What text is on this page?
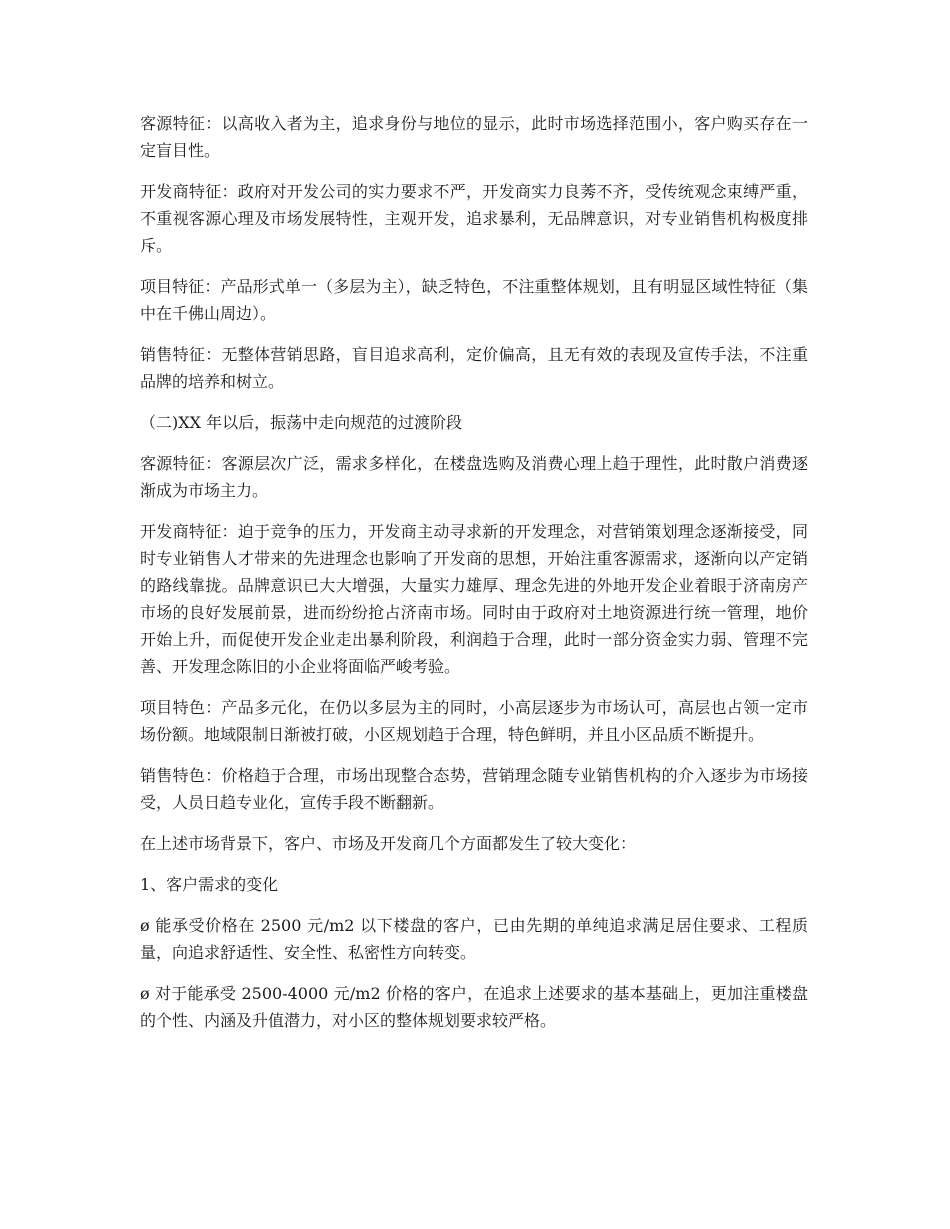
客源特征：以高收入者为主，追求身份与地位的显示，此时市场选择范围小，客户购买存在一定盲目性。

开发商特征：政府对开发公司的实力要求不严，开发商实力良莠不齐，受传统观念束缚严重，不重视客源心理及市场发展特性，主观开发，追求暴利，无品牌意识，对专业销售机构极度排斥。

项目特征：产品形式单一（多层为主），缺乏特色，不注重整体规划，且有明显区域性特征（集中在千佛山周边）。

销售特征：无整体营销思路，盲目追求高利，定价偏高，且无有效的表现及宣传手法，不注重品牌的培养和树立。

（二)XX 年以后，振荡中走向规范的过渡阶段

客源特征：客源层次广泛，需求多样化，在楼盘选购及消费心理上趋于理性，此时散户消费逐渐成为市场主力。

开发商特征：迫于竞争的压力，开发商主动寻求新的开发理念，对营销策划理念逐渐接受，同时专业销售人才带来的先进理念也影响了开发商的思想，开始注重客源需求，逐渐向以产定销的路线靠拢。品牌意识已大大增强，大量实力雄厚、理念先进的外地开发企业着眼于济南房产市场的良好发展前景，进而纷纷抢占济南市场。同时由于政府对土地资源进行统一管理，地价开始上升，而促使开发企业走出暴利阶段，利润趋于合理，此时一部分资金实力弱、管理不完善、开发理念陈旧的小企业将面临严峻考验。

项目特色：产品多元化，在仍以多层为主的同时，小高层逐步为市场认可，高层也占领一定市场份额。地域限制日渐被打破，小区规划趋于合理，特色鲜明，并且小区品质不断提升。

销售特色：价格趋于合理，市场出现整合态势，营销理念随专业销售机构的介入逐步为市场接受，人员日趋专业化，宣传手段不断翻新。

在上述市场背景下，客户、市场及开发商几个方面都发生了较大变化：

1、客户需求的变化

ø 能承受价格在 2500 元/m2 以下楼盘的客户，已由先期的单纯追求满足居住要求、工程质量，向追求舒适性、安全性、私密性方向转变。

ø 对于能承受 2500-4000 元/m2 价格的客户，在追求上述要求的基本基础上，更加注重楼盘的个性、内涵及升值潜力，对小区的整体规划要求较严格。
